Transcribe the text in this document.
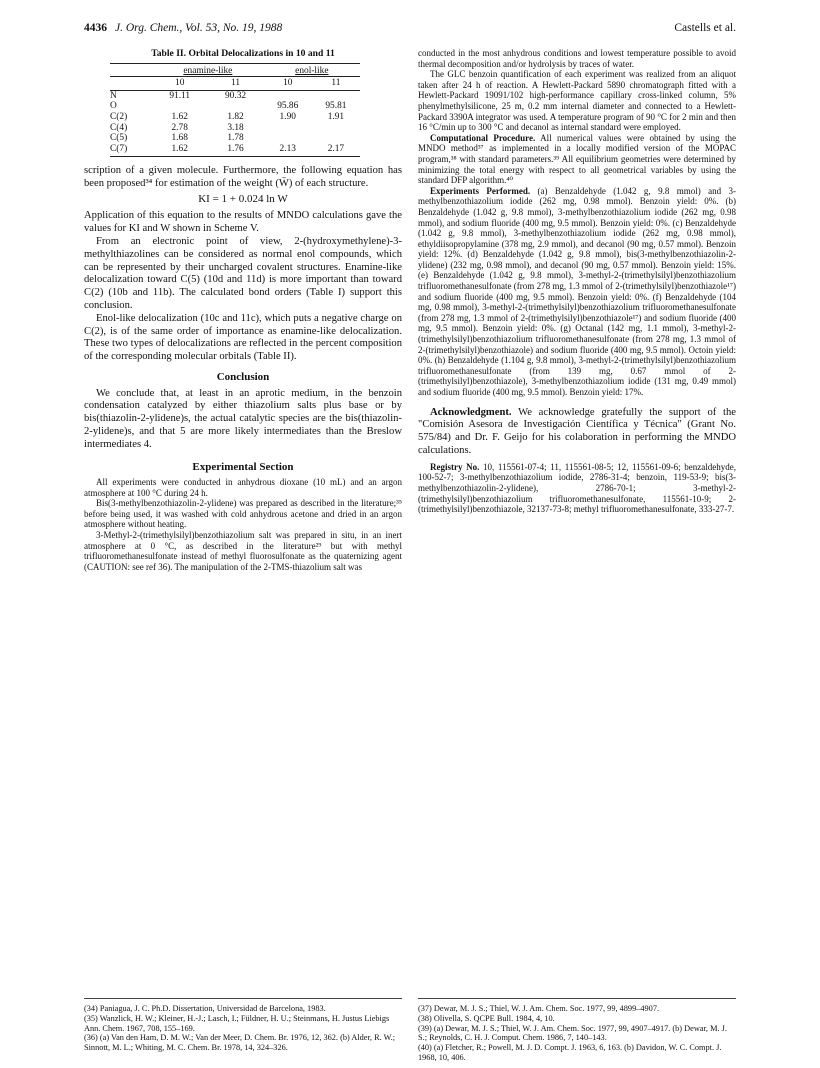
4436 J. Org. Chem., Vol. 53, No. 19, 1988	Castells et al.
Table II. Orbital Delocalizations in 10 and 11
	enamine-like		enol-like	
	10	11	10	11
N	91.11	90.32		
O			95.86	95.81
C(2)	1.62	1.82	1.90	1.91
C(4)	2.78	3.18		
C(5)	1.68	1.78		
C(7)	1.62	1.76	2.13	2.17

scription of a given molecule. Furthermore, the following equation has been proposed³⁴ for estimation of the weight (W̄) of each structure.

KI = 1 + 0.024 ln W

Application of this equation to the results of MNDO calculations gave the values for KI and W shown in Scheme V.

From an electronic point of view, 2-(hydroxymethylene)-3-methylthiazolines can be considered as normal enol compounds, which can be represented by their uncharged covalent structures. Enamine-like delocalization toward C(5) (10d and 11d) is more important than toward C(2) (10b and 11b). The calculated bond orders (Table I) support this conclusion.

Enol-like delocalization (10c and 11c), which puts a negative charge on C(2), is of the same order of importance as enamine-like delocalization. These two types of delocalizations are reflected in the percent composition of the corresponding molecular orbitals (Table II).

Conclusion

We conclude that, at least in an aprotic medium, in the benzoin condensation catalyzed by either thiazolium salts plus base or by bis(thiazolin-2-ylidene)s, the actual catalytic species are the bis(thiazolin-2-ylidene)s, and that 5 are more likely intermediates than the Breslow intermediates 4.

Experimental Section

All experiments were conducted in anhydrous dioxane (10 mL) and an argon atmosphere at 100 °C during 24 h.

Bis(3-methylbenzothiazolin-2-ylidene) was prepared as described in the literature;³⁵ before being used, it was washed with cold anhydrous acetone and dried in an argon atmosphere without heating.

3-Methyl-2-(trimethylsilyl)benzothiazolium salt was prepared in situ, in an inert atmosphere at 0 °C, as described in the literature²⁹ but with methyl trifluoromethanesulfonate instead of methyl fluorosulfonate as the quaternizing agent (CAUTION: see ref 36). The manipulation of the 2-TMS-thiazolium salt was

conducted in the most anhydrous conditions and lowest temperature possible to avoid thermal decomposition and/or hydrolysis by traces of water.

The GLC benzoin quantification of each experiment was realized from an aliquot taken after 24 h of reaction. A Hewlett-Packard 5890 chromatograph fitted with a Hewlett-Packard 19091/102 high-performance capillary cross-linked column, 5% phenylmethylsilicone, 25 m, 0.2 mm internal diameter and connected to a Hewlett-Packard 3390A integrator was used. A temperature program of 90 °C for 2 min and then 16 °C/min up to 300 °C and decanol as internal standard were employed.

Computational Procedure. All numerical values were obtained by using the MNDO method³⁷ as implemented in a locally modified version of the MOPAC program,³⁸ with standard parameters.³⁹ All equilibrium geometries were determined by minimizing the total energy with respect to all geometrical variables by using the standard DFP algorithm.⁴⁰

Experiments Performed. (a) Benzaldehyde (1.042 g, 9.8 mmol) and 3-methylbenzothiazolium iodide (262 mg, 0.98 mmol). Benzoin yield: 0%. (b) Benzaldehyde (1.042 g, 9.8 mmol), 3-methylbenzothiazolium iodide (262 mg, 0.98 mmol), and sodium fluoride (400 mg, 9.5 mmol). Benzoin yield: 0%. (c) Benzaldehyde (1.042 g, 9.8 mmol), 3-methylbenzothiazolium iodide (262 mg, 0.98 mmol), ethyldiisopropylamine (378 mg, 2.9 mmol), and decanol (90 mg, 0.57 mmol). Benzoin yield: 12%. (d) Benzaldehyde (1.042 g, 9.8 mmol), bis(3-methylbenzothiazolin-2-ylidene) (232 mg, 0.98 mmol), and decanol (90 mg, 0.57 mmol). Benzoin yield: 15%. (e) Benzaldehyde (1.042 g, 9.8 mmol), 3-methyl-2-(trimethylsilyl)benzothiazolium trifluoromethanesulfonate (from 278 mg, 1.3 mmol of 2-(trimethylsilyl)benzothiazole¹⁷) and sodium fluoride (400 mg, 9.5 mmol). Benzoin yield: 0%. (f) Benzaldehyde (104 mg, 0.98 mmol), 3-methyl-2-(trimethylsilyl)benzothiazolium trifluoromethanesulfonate (from 278 mg, 1.3 mmol of 2-(trimethylsilyl)benzothiazole¹⁷) and sodium fluoride (400 mg, 9.5 mmol). Benzoin yield: 0%. (g) Octanal (142 mg, 1.1 mmol), 3-methyl-2-(trimethylsilyl)benzothiazolium trifluoromethanesulfonate (from 278 mg, 1.3 mmol of 2-(trimethylsilyl)benzothiazole) and sodium fluoride (400 mg, 9.5 mmol). Octoin yield: 0%. (h) Benzaldehyde (1.104 g, 9.8 mmol), 3-methyl-2-(trimethylsilyl)benzothiazolium trifluoromethanesulfonate (from 139 mg, 0.67 mmol of 2-(trimethylsilyl)benzothiazole), 3-methylbenzothiazolium iodide (131 mg, 0.49 mmol) and sodium fluoride (400 mg, 9.5 mmol). Benzoin yield: 17%.

Acknowledgment. We acknowledge gratefully the support of the "Comisión Asesora de Investigación Científica y Técnica" (Grant No. 575/84) and Dr. F. Geijo for his colaboration in performing the MNDO calculations.

Registry No. 10, 115561-07-4; 11, 115561-08-5; 12, 115561-09-6; benzaldehyde, 100-52-7; 3-methylbenzothiazolium iodide, 2786-31-4; benzoin, 119-53-9; bis(3-methylbenzothiazolin-2-ylidene), 2786-70-1; 3-methyl-2-(trimethylsilyl)benzothiazolium trifluoromethanesulfonate, 115561-10-9; 2-(trimethylsilyl)benzothiazole, 32137-73-8; methyl trifluoromethanesulfonate, 333-27-7.

(34) Paniagua, J. C. Ph.D. Dissertation, Universidad de Barcelona, 1983.

(35) Wanzlick, H. W.; Kleiner, H.-J.; Lasch, I.; Füldner, H. U.; Steinmans, H. Justus Liebigs Ann. Chem. 1967, 708, 155–169.

(36) (a) Van den Ham, D. M. W.; Van der Meer, D. Chem. Br. 1976, 12, 362. (b) Alder, R. W.; Sinnott, M. L.; Whiting, M. C. Chem. Br. 1978, 14, 324–326.

(37) Dewar, M. J. S.; Thiel, W. J. Am. Chem. Soc. 1977, 99, 4899–4907.

(38) Olivella, S. QCPE Bull. 1984, 4, 10.

(39) (a) Dewar, M. J. S.; Thiel, W. J. Am. Chem. Soc. 1977, 99, 4907–4917. (b) Dewar, M. J. S.; Reynolds, C. H. J. Comput. Chem. 1986, 7, 140–143.

(40) (a) Fletcher, R.; Powell, M. J. D. Compt. J. 1963, 6, 163. (b) Davidon, W. C. Compt. J. 1968, 10, 406.
